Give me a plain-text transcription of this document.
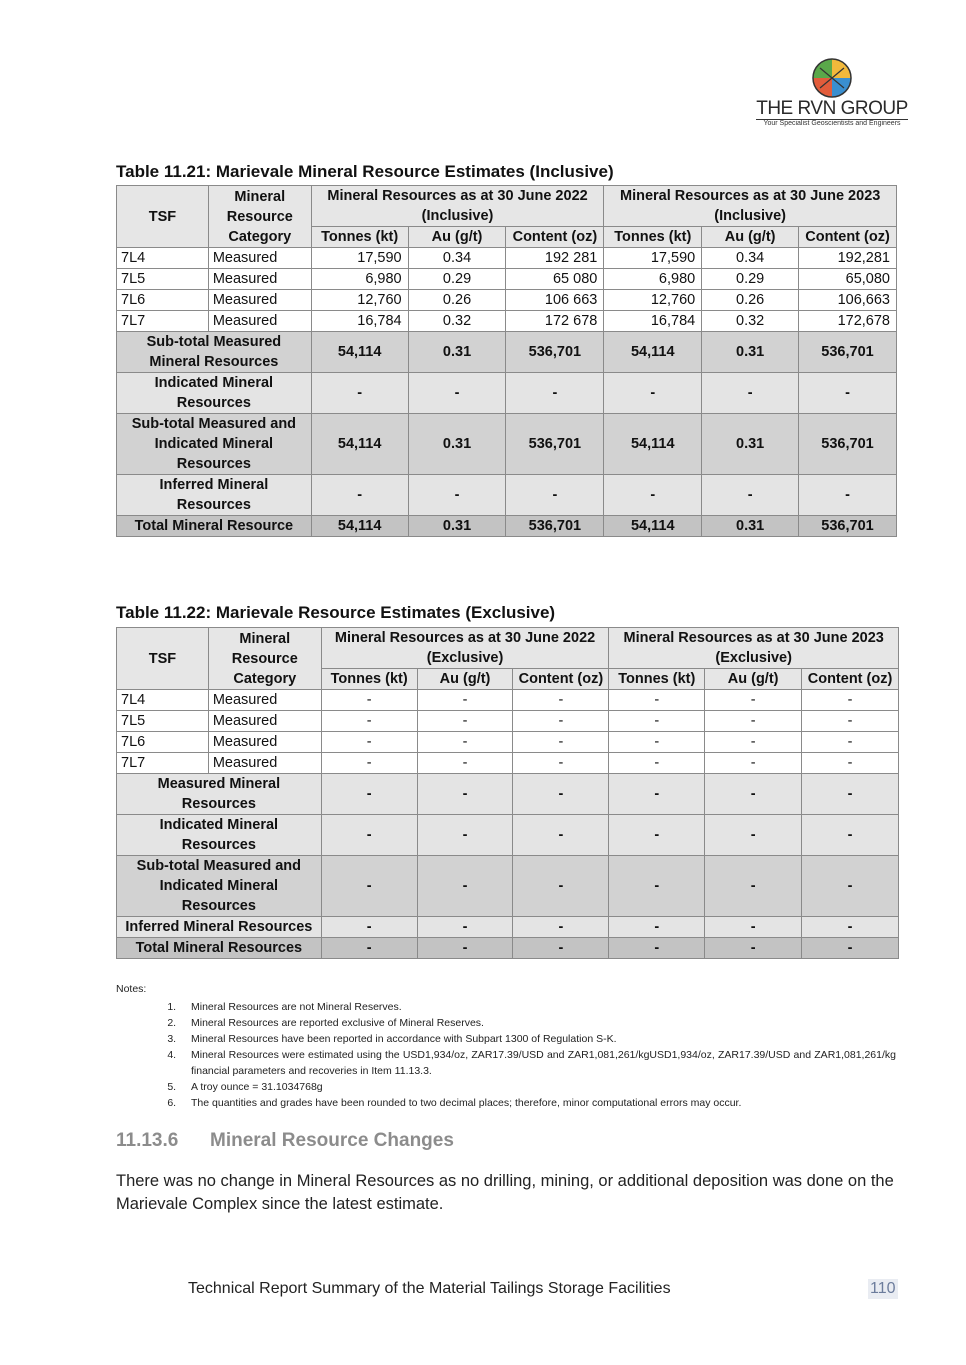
THE RVN GROUP
Your Specialist Geoscientists and Engineers
Table 11.21: Marievale Mineral Resource Estimates (Inclusive)
TSF	Mineral Resource Category	Mineral Resources as at 30 June 2022 (Inclusive)			Mineral Resources as at 30 June 2023 (Inclusive)		
		Tonnes (kt)	Au (g/t)	Content (oz)	Tonnes (kt)	Au (g/t)	Content (oz)
7L4	Measured	17,590	0.34	192 281	17,590	0.34	192,281
7L5	Measured	6,980	0.29	65 080	6,980	0.29	65,080
7L6	Measured	12,760	0.26	106 663	12,760	0.26	106,663
7L7	Measured	16,784	0.32	172 678	16,784	0.32	172,678
Sub-total Measured Mineral Resources		54,114	0.31	536,701	54,114	0.31	536,701
Indicated Mineral Resources		-	-	-	-	-	-
Sub-total Measured and Indicated Mineral Resources		54,114	0.31	536,701	54,114	0.31	536,701
Inferred Mineral Resources		-	-	-	-	-	-
Total Mineral Resource		54,114	0.31	536,701	54,114	0.31	536,701
Table 11.22: Marievale Resource Estimates (Exclusive)
TSF	Mineral Resource Category	Mineral Resources as at 30 June 2022 (Exclusive)			Mineral Resources as at 30 June 2023 (Exclusive)		
		Tonnes (kt)	Au (g/t)	Content (oz)	Tonnes (kt)	Au (g/t)	Content (oz)
7L4	Measured	-	-	-	-	-	-
7L5	Measured	-	-	-	-	-	-
7L6	Measured	-	-	-	-	-	-
7L7	Measured	-	-	-	-	-	-
Measured Mineral Resources		-	-	-	-	-	-
Indicated Mineral Resources		-	-	-	-	-	-
Sub-total Measured and Indicated Mineral Resources		-	-	-	-	-	-
Inferred Mineral Resources		-	-	-	-	-	-
Total Mineral Resources		-	-	-	-	-	-
Notes:
1. Mineral Resources are not Mineral Reserves.
2. Mineral Resources are reported exclusive of Mineral Reserves.
3. Mineral Resources have been reported in accordance with Subpart 1300 of Regulation S-K.
4. Mineral Resources were estimated using the USD1,934/oz, ZAR17.39/USD and ZAR1,081,261/kgUSD1,934/oz, ZAR17.39/USD and ZAR1,081,261/kg financial parameters and recoveries in Item 11.13.3.
5. A troy ounce = 31.1034768g
6. The quantities and grades have been rounded to two decimal places; therefore, minor computational errors may occur.
11.13.6 Mineral Resource Changes
There was no change in Mineral Resources as no drilling, mining, or additional deposition was done on the Marievale Complex since the latest estimate.
Technical Report Summary of the Material Tailings Storage Facilities	110
